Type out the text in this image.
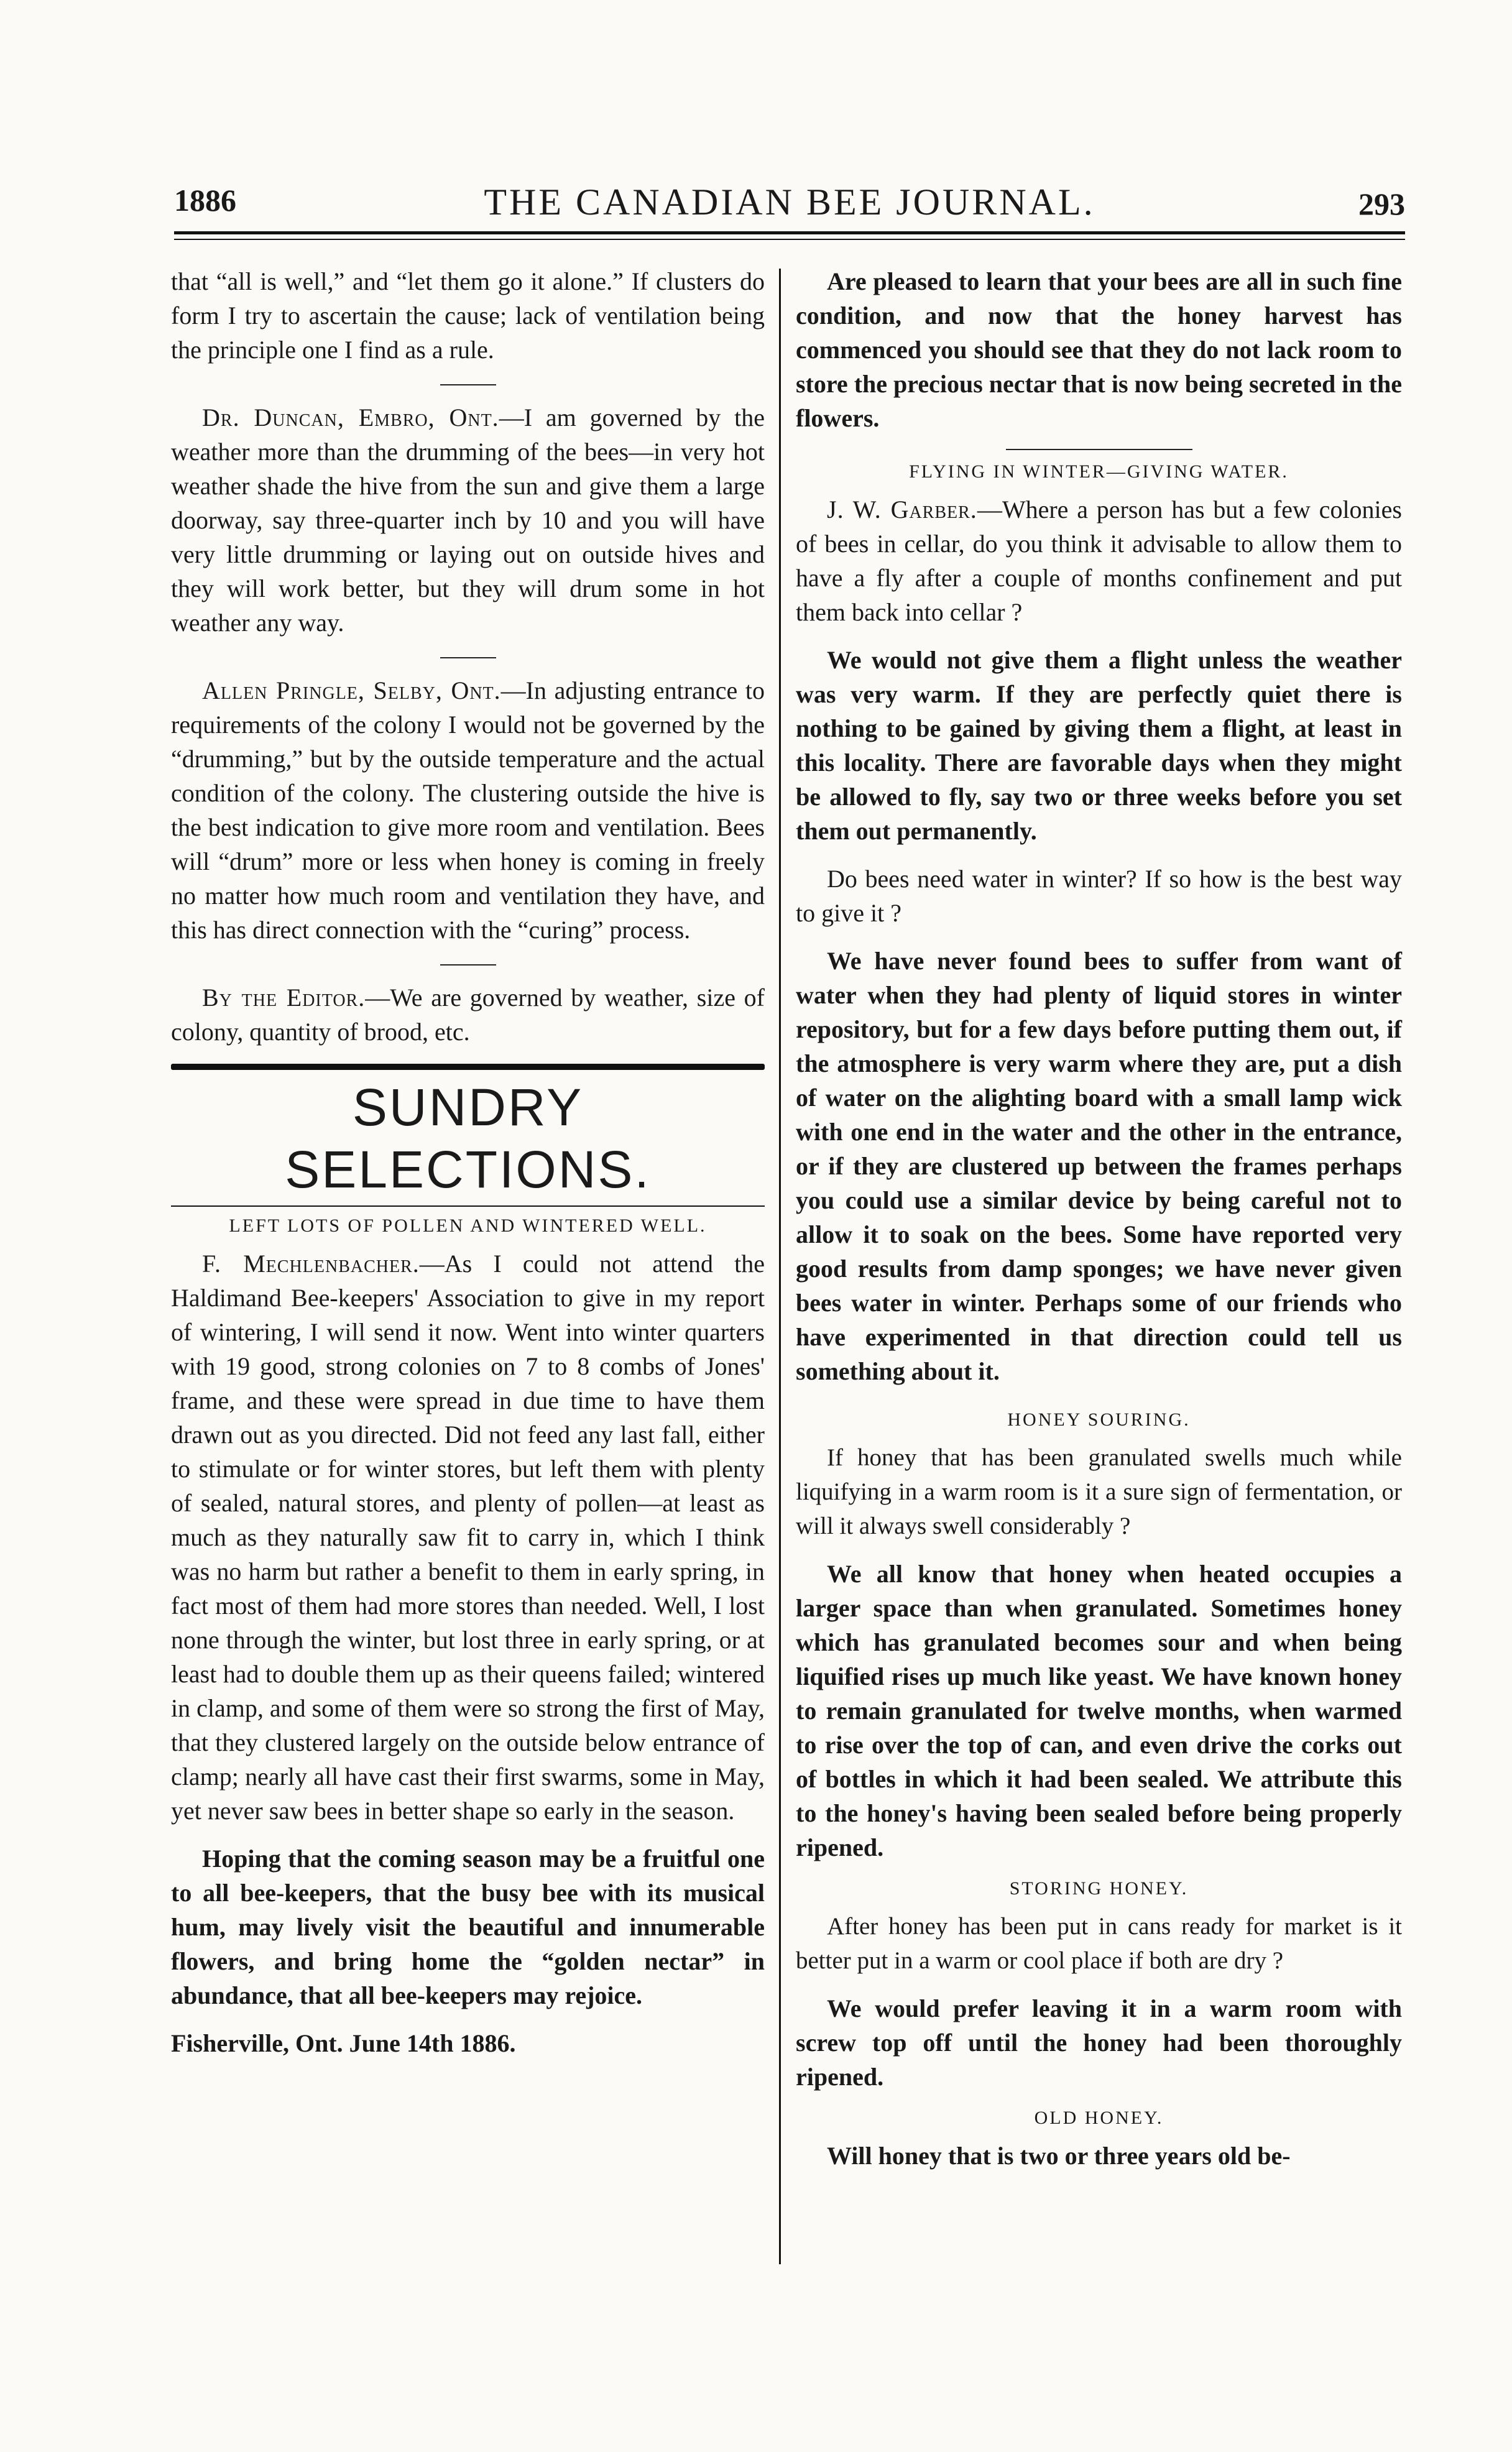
1886	THE CANADIAN BEE JOURNAL.	293

that “all is well,” and “let them go it alone.” If clusters do form I try to ascertain the cause; lack of ventilation being the principle one I find as a rule.

Dr. Duncan, Embro, Ont.—I am governed by the weather more than the drumming of the bees—in very hot weather shade the hive from the sun and give them a large doorway, say three-quarter inch by 10 and you will have very little drumming or laying out on outside hives and they will work better, but they will drum some in hot weather any way.

Allen Pringle, Selby, Ont.—In adjusting entrance to requirements of the colony I would not be governed by the “drumming,” but by the outside temperature and the actual condition of the colony. The clustering outside the hive is the best indication to give more room and ventilation. Bees will “drum” more or less when honey is coming in freely no matter how much room and ventilation they have, and this has direct connection with the “curing” process.

By the Editor.—We are governed by weather, size of colony, quantity of brood, etc.

SUNDRY SELECTIONS.
LEFT LOTS OF POLLEN AND WINTERED WELL.

F. Mechlenbacher.—As I could not attend the Haldimand Bee-keepers' Association to give in my report of wintering, I will send it now. Went into winter quarters with 19 good, strong colonies on 7 to 8 combs of Jones' frame, and these were spread in due time to have them drawn out as you directed. Did not feed any last fall, either to stimulate or for winter stores, but left them with plenty of sealed, natural stores, and plenty of pollen—at least as much as they naturally saw fit to carry in, which I think was no harm but rather a benefit to them in early spring, in fact most of them had more stores than needed. Well, I lost none through the winter, but lost three in early spring, or at least had to double them up as their queens failed; wintered in clamp, and some of them were so strong the first of May, that they clustered largely on the outside below entrance of clamp; nearly all have cast their first swarms, some in May, yet never saw bees in better shape so early in the season.

Hoping that the coming season may be a fruitful one to all bee-keepers, that the busy bee with its musical hum, may lively visit the beautiful and innumerable flowers, and bring home the “golden nectar” in abundance, that all bee-keepers may rejoice.

Fisherville, Ont. June 14th 1886.

Are pleased to learn that your bees are all in such fine condition, and now that the honey harvest has commenced you should see that they do not lack room to store the precious nectar that is now being secreted in the flowers.

FLYING IN WINTER—GIVING WATER.

J. W. Garber.—Where a person has but a few colonies of bees in cellar, do you think it advisable to allow them to have a fly after a couple of months confinement and put them back into cellar ?

We would not give them a flight unless the weather was very warm. If they are perfectly quiet there is nothing to be gained by giving them a flight, at least in this locality. There are favorable days when they might be allowed to fly, say two or three weeks before you set them out permanently.

Do bees need water in winter? If so how is the best way to give it ?

We have never found bees to suffer from want of water when they had plenty of liquid stores in winter repository, but for a few days before putting them out, if the atmosphere is very warm where they are, put a dish of water on the alighting board with a small lamp wick with one end in the water and the other in the entrance, or if they are clustered up between the frames perhaps you could use a similar device by being careful not to allow it to soak on the bees. Some have reported very good results from damp sponges; we have never given bees water in winter. Perhaps some of our friends who have experimented in that direction could tell us something about it.

HONEY SOURING.

If honey that has been granulated swells much while liquifying in a warm room is it a sure sign of fermentation, or will it always swell considerably ?

We all know that honey when heated occupies a larger space than when granulated. Sometimes honey which has granulated becomes sour and when being liquified rises up much like yeast. We have known honey to remain granulated for twelve months, when warmed to rise over the top of can, and even drive the corks out of bottles in which it had been sealed. We attribute this to the honey's having been sealed before being properly ripened.

STORING HONEY.

After honey has been put in cans ready for market is it better put in a warm or cool place if both are dry ?

We would prefer leaving it in a warm room with screw top off until the honey had been thoroughly ripened.

OLD HONEY.

Will honey that is two or three years old be-
